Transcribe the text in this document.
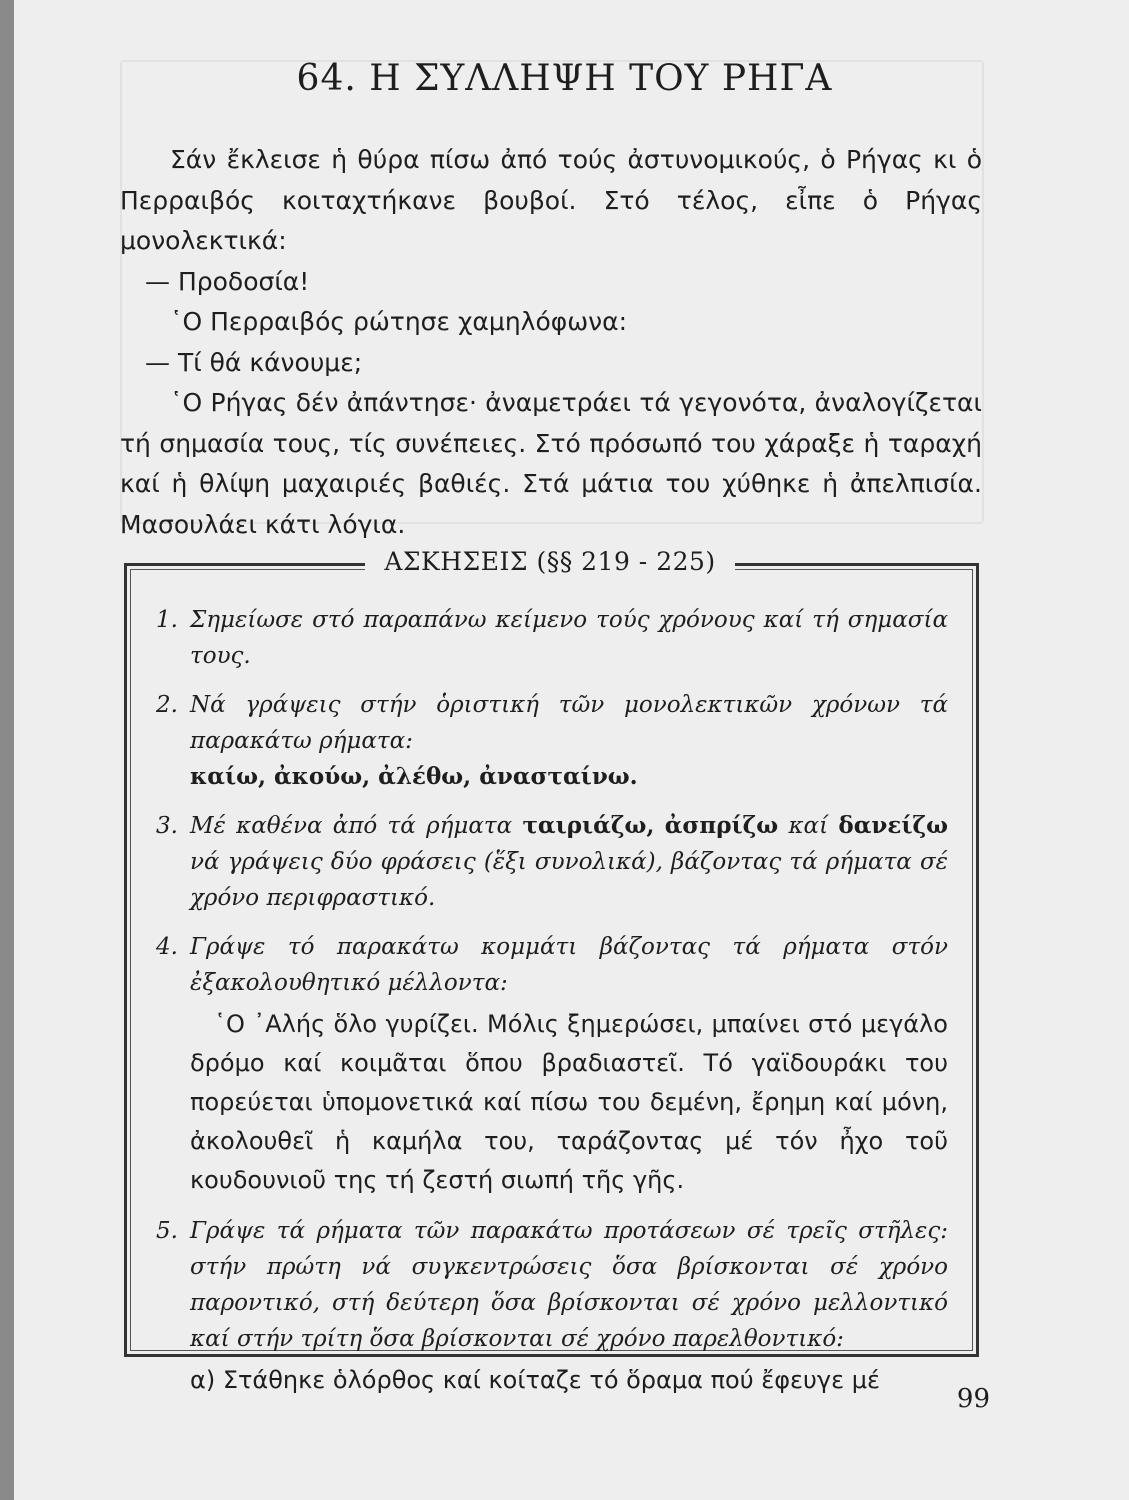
64. Η ΣΥΛΛΗΨΗ ΤΟΥ ΡΗΓΑ

Σάν ἔκλεισε ἡ θύρα πίσω ἀπό τούς ἀστυνομικούς, ὁ Ρήγας κι ὁ Περραιβός κοιταχτήκανε βουβοί. Στό τέλος, εἶπε ὁ Ρήγας μονολεκτικά:

— Προδοσία!

῾Ο Περραιβός ρώτησε χαμηλόφωνα:

— Τί θά κάνουμε;

῾Ο Ρήγας δέν ἀπάντησε· ἀναμετράει τά γεγονότα, ἀναλογίζεται τή σημασία τους, τίς συνέπειες. Στό πρόσωπό του χάραξε ἡ ταραχή καί ἡ θλίψη μαχαιριές βαθιές. Στά μάτια του χύθηκε ἡ ἀπελπισία. Μασουλάει κάτι λόγια.

ΑΣΚΗΣΕΙΣ (§§ 219 - 225)
1. Σημείωσε στό παραπάνω κείμενο τούς χρόνους καί τή σημασία τους.

2. Νά γράψεις στήν ὁριστική τῶν μονολεκτικῶν χρόνων τά παρακάτω ρήματα:

καίω, ἀκούω, ἀλέθω, ἀνασταίνω.

3. Μέ καθένα ἀπό τά ρήματα ταιριάζω, ἀσπρίζω καί δανείζω νά γράψεις δύο φράσεις (ἕξι συνολικά), βάζοντας τά ρήματα σέ χρόνο περιφραστικό.

4. Γράψε τό παρακάτω κομμάτι βάζοντας τά ρήματα στόν ἐξακολουθητικό μέλλοντα:

῾Ο ᾿Αλής ὅλο γυρίζει. Μόλις ξημερώσει, μπαίνει στό μεγάλο δρόμο καί κοιμᾶται ὅπου βραδιαστεῖ. Τό γαϊδουράκι του πορεύεται ὑπομονετικά καί πίσω του δεμένη, ἔρημη καί μόνη, ἀκολουθεῖ ἡ καμήλα του, ταράζοντας μέ τόν ἦχο τοῦ κουδουνιοῦ της τή ζεστή σιωπή τῆς γῆς.

5. Γράψε τά ρήματα τῶν παρακάτω προτάσεων σέ τρεῖς στῆλες: στήν πρώτη νά συγκεντρώσεις ὅσα βρίσκονται σέ χρόνο παροντικό, στή δεύτερη ὅσα βρίσκονται σέ χρόνο μελλοντικό καί στήν τρίτη ὅσα βρίσκονται σέ χρόνο παρελθοντικό:

α) Στάθηκε ὁλόρθος καί κοίταζε τό ὅραμα πού ἔφευγε μέ

99
